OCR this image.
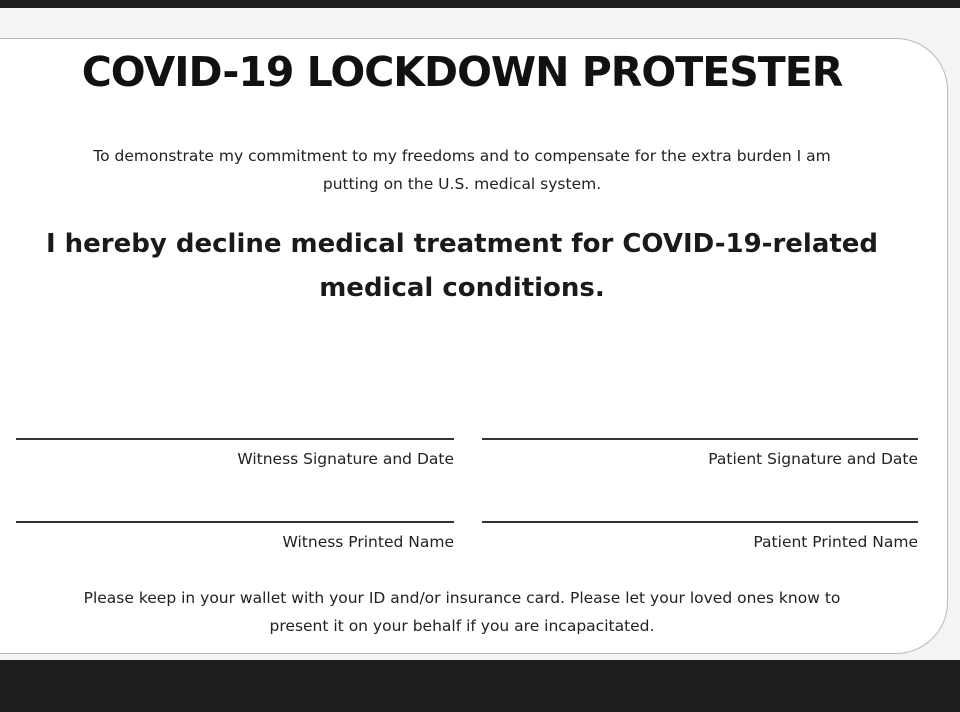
COVID-19 LOCKDOWN PROTESTER
To demonstrate my commitment to my freedoms and to compensate for the extra burden I am
putting on the U.S. medical system.
I hereby decline medical treatment for COVID-19-related
medical conditions.
Witness Signature and Date	Patient Signature and Date
Witness Printed Name	Patient Printed Name
Please keep in your wallet with your ID and/or insurance card. Please let your loved ones know to
present it on your behalf if you are incapacitated.
